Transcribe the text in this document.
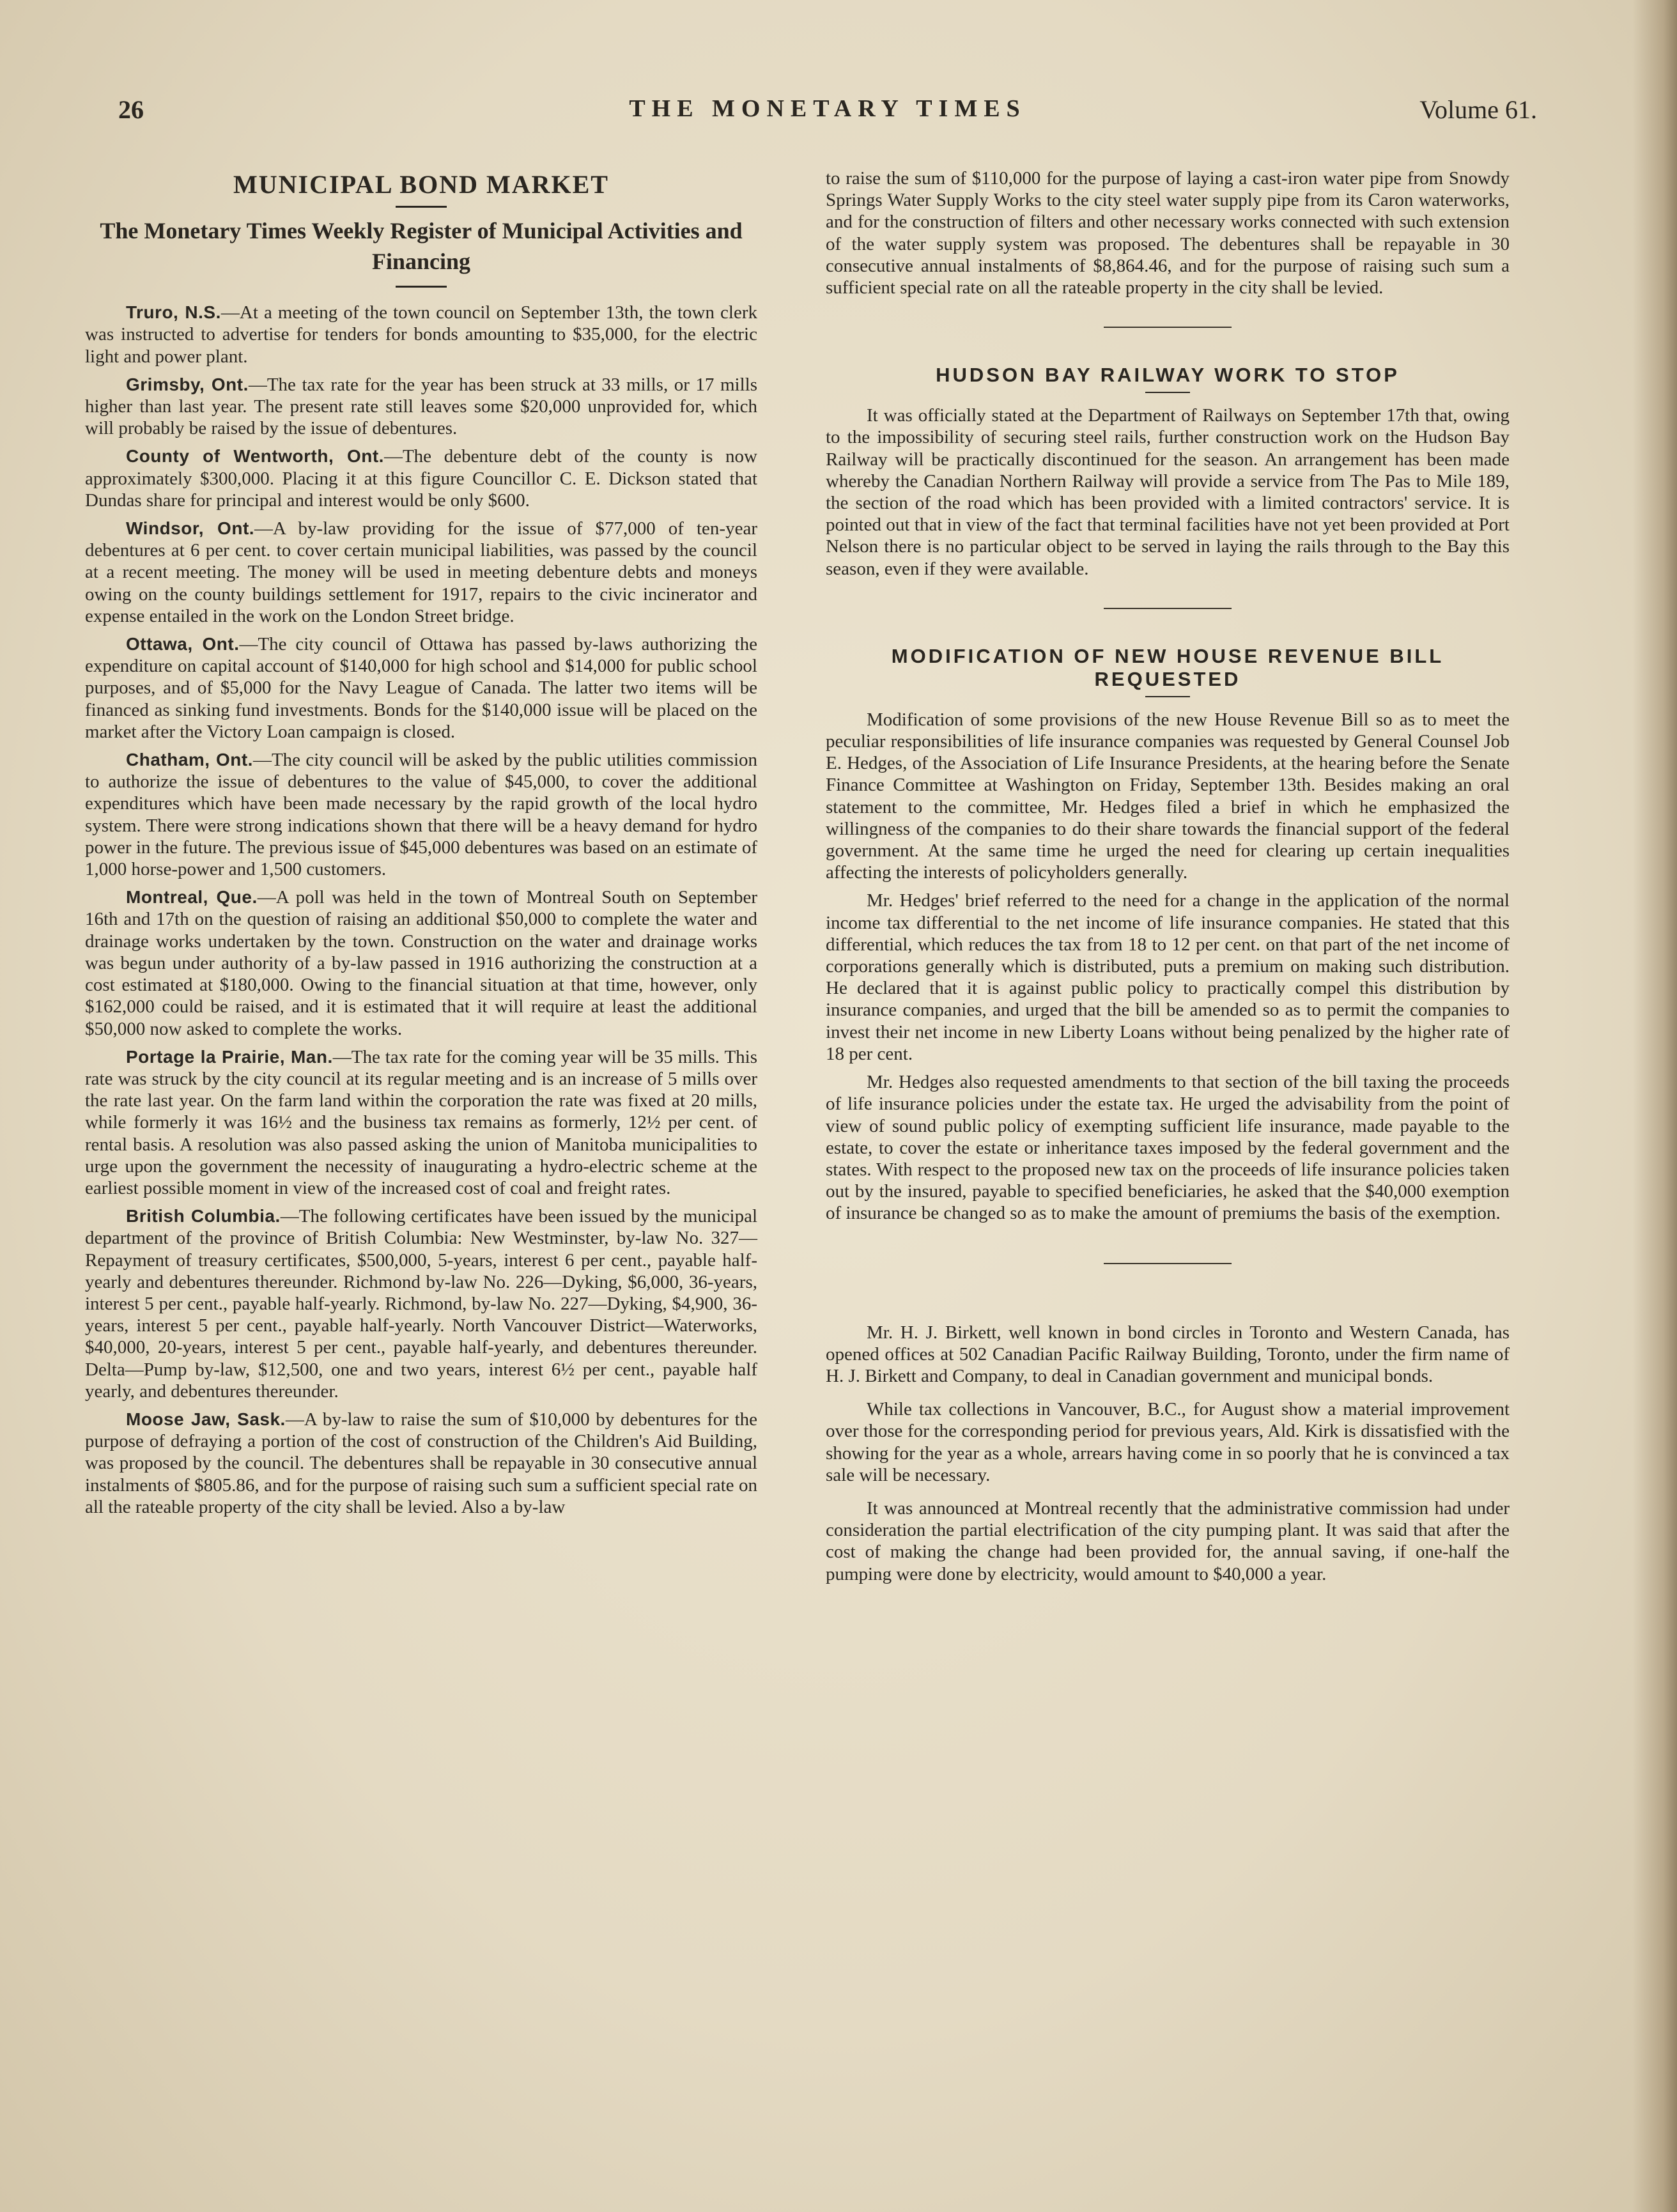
26	THE MONETARY TIMES	Volume 61.
MUNICIPAL BOND MARKET
The Monetary Times Weekly Register of Municipal Activities and Financing

Truro, N.S.—At a meeting of the town council on September 13th, the town clerk was instructed to advertise for tenders for bonds amounting to $35,000, for the electric light and power plant.

Grimsby, Ont.—The tax rate for the year has been struck at 33 mills, or 17 mills higher than last year. The present rate still leaves some $20,000 unprovided for, which will probably be raised by the issue of debentures.

County of Wentworth, Ont.—The debenture debt of the county is now approximately $300,000. Placing it at this figure Councillor C. E. Dickson stated that Dundas share for principal and interest would be only $600.

Windsor, Ont.—A by-law providing for the issue of $77,000 of ten-year debentures at 6 per cent. to cover certain municipal liabilities, was passed by the council at a recent meeting. The money will be used in meeting debenture debts and moneys owing on the county buildings settlement for 1917, repairs to the civic incinerator and expense entailed in the work on the London Street bridge.

Ottawa, Ont.—The city council of Ottawa has passed by-laws authorizing the expenditure on capital account of $140,000 for high school and $14,000 for public school purposes, and of $5,000 for the Navy League of Canada. The latter two items will be financed as sinking fund investments. Bonds for the $140,000 issue will be placed on the market after the Victory Loan campaign is closed.

Chatham, Ont.—The city council will be asked by the public utilities commission to authorize the issue of debentures to the value of $45,000, to cover the additional expenditures which have been made necessary by the rapid growth of the local hydro system. There were strong indications shown that there will be a heavy demand for hydro power in the future. The previous issue of $45,000 debentures was based on an estimate of 1,000 horse-power and 1,500 customers.

Montreal, Que.—A poll was held in the town of Montreal South on September 16th and 17th on the question of raising an additional $50,000 to complete the water and drainage works undertaken by the town. Construction on the water and drainage works was begun under authority of a by-law passed in 1916 authorizing the construction at a cost estimated at $180,000. Owing to the financial situation at that time, however, only $162,000 could be raised, and it is estimated that it will require at least the additional $50,000 now asked to complete the works.

Portage la Prairie, Man.—The tax rate for the coming year will be 35 mills. This rate was struck by the city council at its regular meeting and is an increase of 5 mills over the rate last year. On the farm land within the corporation the rate was fixed at 20 mills, while formerly it was 16½ and the business tax remains as formerly, 12½ per cent. of rental basis. A resolution was also passed asking the union of Manitoba municipalities to urge upon the government the necessity of inaugurating a hydro-electric scheme at the earliest possible moment in view of the increased cost of coal and freight rates.

British Columbia.—The following certificates have been issued by the municipal department of the province of British Columbia: New Westminster, by-law No. 327—Repayment of treasury certificates, $500,000, 5-years, interest 6 per cent., payable half-yearly and debentures thereunder. Richmond by-law No. 226—Dyking, $6,000, 36-years, interest 5 per cent., payable half-yearly. Richmond, by-law No. 227—Dyking, $4,900, 36-years, interest 5 per cent., payable half-yearly. North Vancouver District—Waterworks, $40,000, 20-years, interest 5 per cent., payable half-yearly, and debentures thereunder. Delta—Pump by-law, $12,500, one and two years, interest 6½ per cent., payable half yearly, and debentures thereunder.

Moose Jaw, Sask.—A by-law to raise the sum of $10,000 by debentures for the purpose of defraying a portion of the cost of construction of the Children's Aid Building, was proposed by the council. The debentures shall be repayable in 30 consecutive annual instalments of $805.86, and for the purpose of raising such sum a sufficient special rate on all the rateable property of the city shall be levied. Also a by-law

to raise the sum of $110,000 for the purpose of laying a cast-iron water pipe from Snowdy Springs Water Supply Works to the city steel water supply pipe from its Caron waterworks, and for the construction of filters and other necessary works connected with such extension of the water supply system was proposed. The debentures shall be repayable in 30 consecutive annual instalments of $8,864.46, and for the purpose of raising such sum a sufficient special rate on all the rateable property in the city shall be levied.

HUDSON BAY RAILWAY WORK TO STOP

It was officially stated at the Department of Railways on September 17th that, owing to the impossibility of securing steel rails, further construction work on the Hudson Bay Railway will be practically discontinued for the season. An arrangement has been made whereby the Canadian Northern Railway will provide a service from The Pas to Mile 189, the section of the road which has been provided with a limited contractors' service. It is pointed out that in view of the fact that terminal facilities have not yet been provided at Port Nelson there is no particular object to be served in laying the rails through to the Bay this season, even if they were available.

MODIFICATION OF NEW HOUSE REVENUE BILL REQUESTED

Modification of some provisions of the new House Revenue Bill so as to meet the peculiar responsibilities of life insurance companies was requested by General Counsel Job E. Hedges, of the Association of Life Insurance Presidents, at the hearing before the Senate Finance Committee at Washington on Friday, September 13th. Besides making an oral statement to the committee, Mr. Hedges filed a brief in which he emphasized the willingness of the companies to do their share towards the financial support of the federal government. At the same time he urged the need for clearing up certain inequalities affecting the interests of policyholders generally.

Mr. Hedges' brief referred to the need for a change in the application of the normal income tax differential to the net income of life insurance companies. He stated that this differential, which reduces the tax from 18 to 12 per cent. on that part of the net income of corporations generally which is distributed, puts a premium on making such distribution. He declared that it is against public policy to practically compel this distribution by insurance companies, and urged that the bill be amended so as to permit the companies to invest their net income in new Liberty Loans without being penalized by the higher rate of 18 per cent.

Mr. Hedges also requested amendments to that section of the bill taxing the proceeds of life insurance policies under the estate tax. He urged the advisability from the point of view of sound public policy of exempting sufficient life insurance, made payable to the estate, to cover the estate or inheritance taxes imposed by the federal government and the states. With respect to the proposed new tax on the proceeds of life insurance policies taken out by the insured, payable to specified beneficiaries, he asked that the $40,000 exemption of insurance be changed so as to make the amount of premiums the basis of the exemption.

Mr. H. J. Birkett, well known in bond circles in Toronto and Western Canada, has opened offices at 502 Canadian Pacific Railway Building, Toronto, under the firm name of H. J. Birkett and Company, to deal in Canadian government and municipal bonds.

While tax collections in Vancouver, B.C., for August show a material improvement over those for the corresponding period for previous years, Ald. Kirk is dissatisfied with the showing for the year as a whole, arrears having come in so poorly that he is convinced a tax sale will be necessary.

It was announced at Montreal recently that the administrative commission had under consideration the partial electrification of the city pumping plant. It was said that after the cost of making the change had been provided for, the annual saving, if one-half the pumping were done by electricity, would amount to $40,000 a year.
